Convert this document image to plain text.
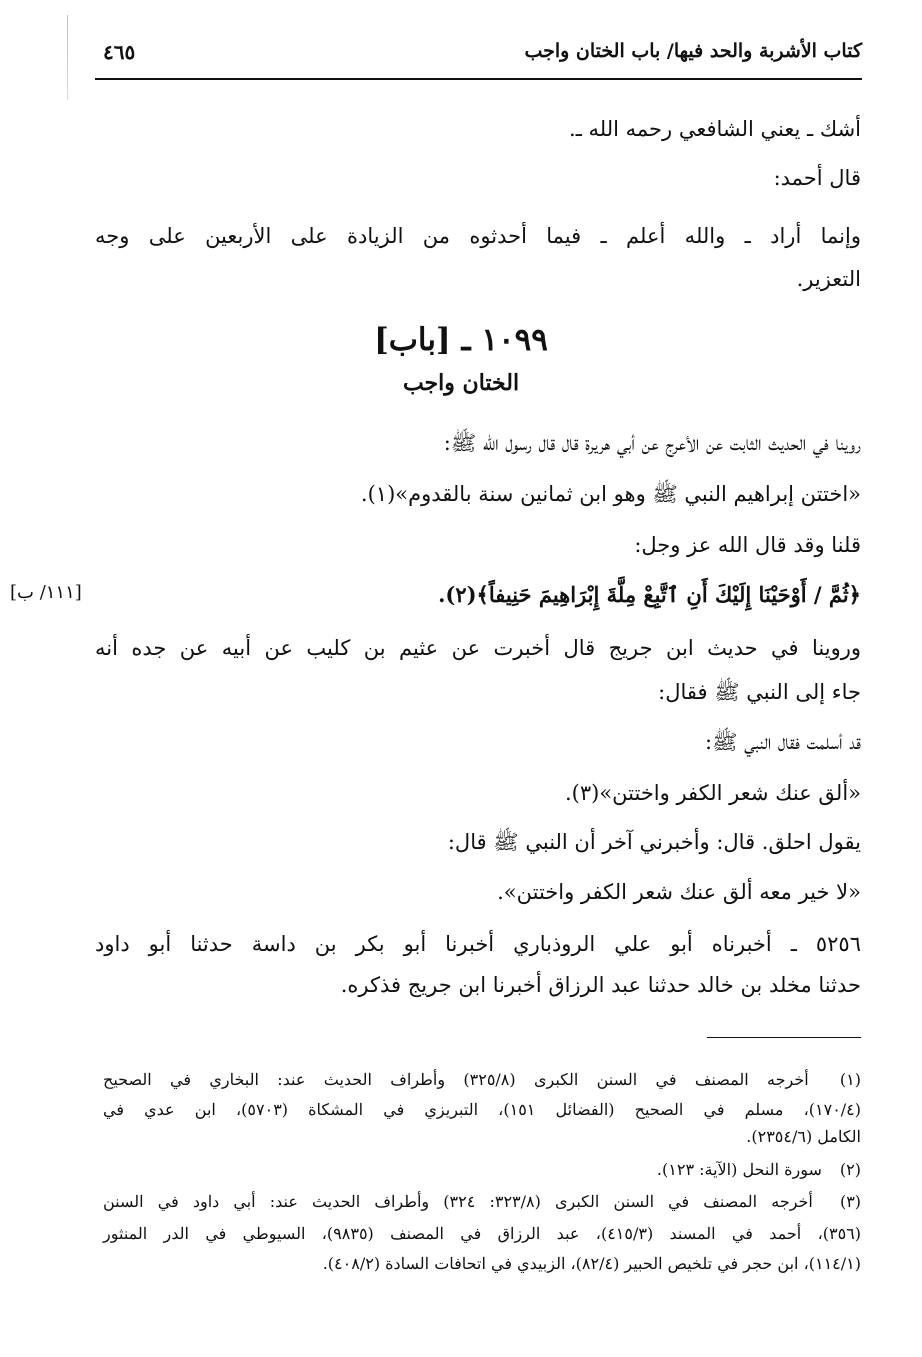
كتاب الأشربة والحد فيها/ باب الختان واجب
٤٦٥
أشك ـ يعني الشافعي رحمه الله ـ.
قال أحمد:
وإنما أراد ـ والله أعلم ـ فيما أحدثوه من الزيادة على الأربعين على وجه
التعزير.
١٠٩٩ ـ [باب]
الختان واجب
روينا في الحديث الثابت عن الأعرج عن أبي هريرة قال قال رسول الله ﷺ:
«اختتن إبراهيم النبي ﷺ وهو ابن ثمانين سنة بالقدوم»(١).
قلنا وقد قال الله عز وجل:
﴿ثُمَّ / أَوْحَيْنَا إِلَيْكَ أَنِ ٱتَّبِعْ مِلَّةَ إِبْرَاهِيمَ حَنِيفاً﴾(٢).
وروينا في حديث ابن جريج قال أخبرت عن عثيم بن كليب عن أبيه عن جده أنه
جاء إلى النبي ﷺ فقال:
قد أسلمت فقال النبي ﷺ:
«ألق عنك شعر الكفر واختتن»(٣).
يقول احلق. قال: وأخبرني آخر أن النبي ﷺ قال:
«لا خير معه ألق عنك شعر الكفر واختتن».
٥٢٥٦ ـ أخبرناه أبو علي الروذباري أخبرنا أبو بكر بن داسة حدثنا أبو داود
حدثنا مخلد بن خالد حدثنا عبد الرزاق أخبرنا ابن جريج فذكره.
[١١١/ ب]
(١) أخرجه المصنف في السنن الكبرى (٣٢٥/٨) وأطراف الحديث عند: البخاري في الصحيح
(١٧٠/٤)، مسلم في الصحيح (الفضائل ١٥١)، التبريزي في المشكاة (٥٧٠٣)، ابن عدي في
الكامل (٢٣٥٤/٦).
(٢) سورة النحل (الآية: ١٢٣).
(٣) أخرجه المصنف في السنن الكبرى (٣٢٣/٨: ٣٢٤) وأطراف الحديث عند: أبي داود في السنن
(٣٥٦)، أحمد في المسند (٤١٥/٣)، عبد الرزاق في المصنف (٩٨٣٥)، السيوطي في الدر المنثور
(١١٤/١)، ابن حجر في تلخيص الحبير (٨٢/٤)، الزبيدي في اتحافات السادة (٤٠٨/٢).
